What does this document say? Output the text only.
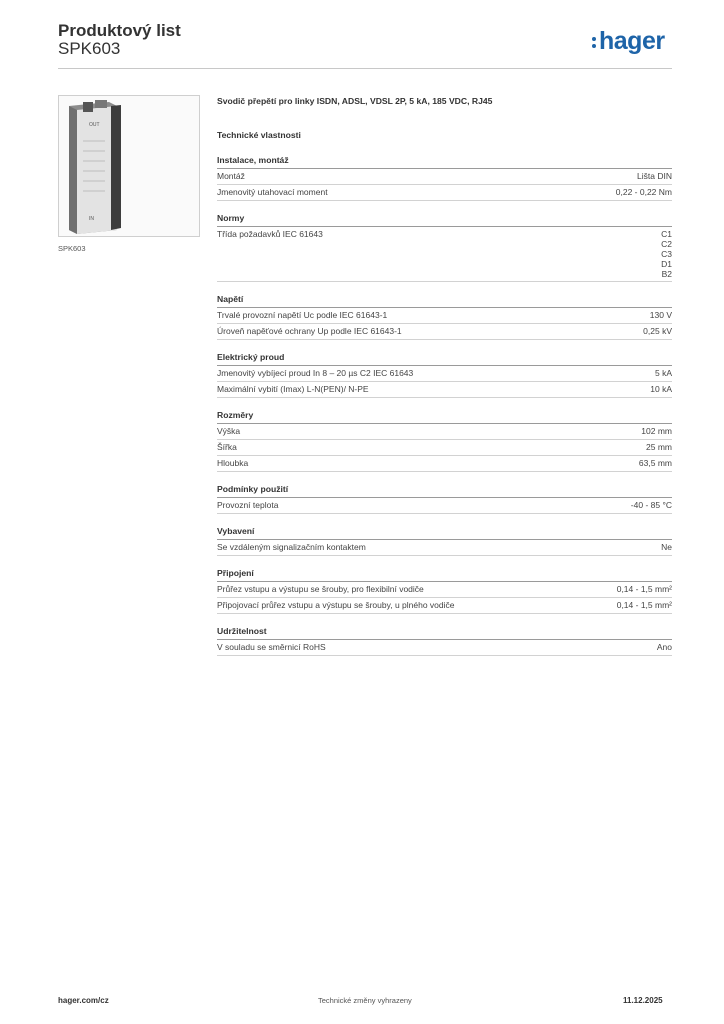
Produktový list
SPK603	hager
OUT
IN
SPK603
Svodič přepětí pro linky ISDN, ADSL, VDSL 2P, 5 kA, 185 VDC, RJ45
Technické vlastnosti
Instalace, montáž
Montáž	Lišta DIN
Jmenovitý utahovací moment	0,22 - 0,22 Nm
Normy
Třída požadavků IEC 61643	C1
C2
C3
D1
B2
Napětí
Trvalé provozní napětí Uc podle IEC 61643-1	130 V
Úroveň napěťové ochrany Up podle IEC 61643-1	0,25 kV
Elektrický proud
Jmenovitý vybíjecí proud In 8 – 20 µs C2 IEC 61643	5 kA
Maximální vybití (Imax) L-N(PEN)/ N-PE	10 kA
Rozměry
Výška	102 mm
Šířka	25 mm
Hloubka	63,5 mm
Podmínky použití
Provozní teplota	-40 - 85 °C
Vybavení
Se vzdáleným signalizačním kontaktem	Ne
Připojení
Průřez vstupu a výstupu se šrouby, pro flexibilní vodiče	0,14 - 1,5 mm²
Připojovací průřez vstupu a výstupu se šrouby, u plného vodiče	0,14 - 1,5 mm²
Udržitelnost
V souladu se směrnicí RoHS	Ano
hager.com/cz	Technické změny vyhrazeny	11.12.2025
